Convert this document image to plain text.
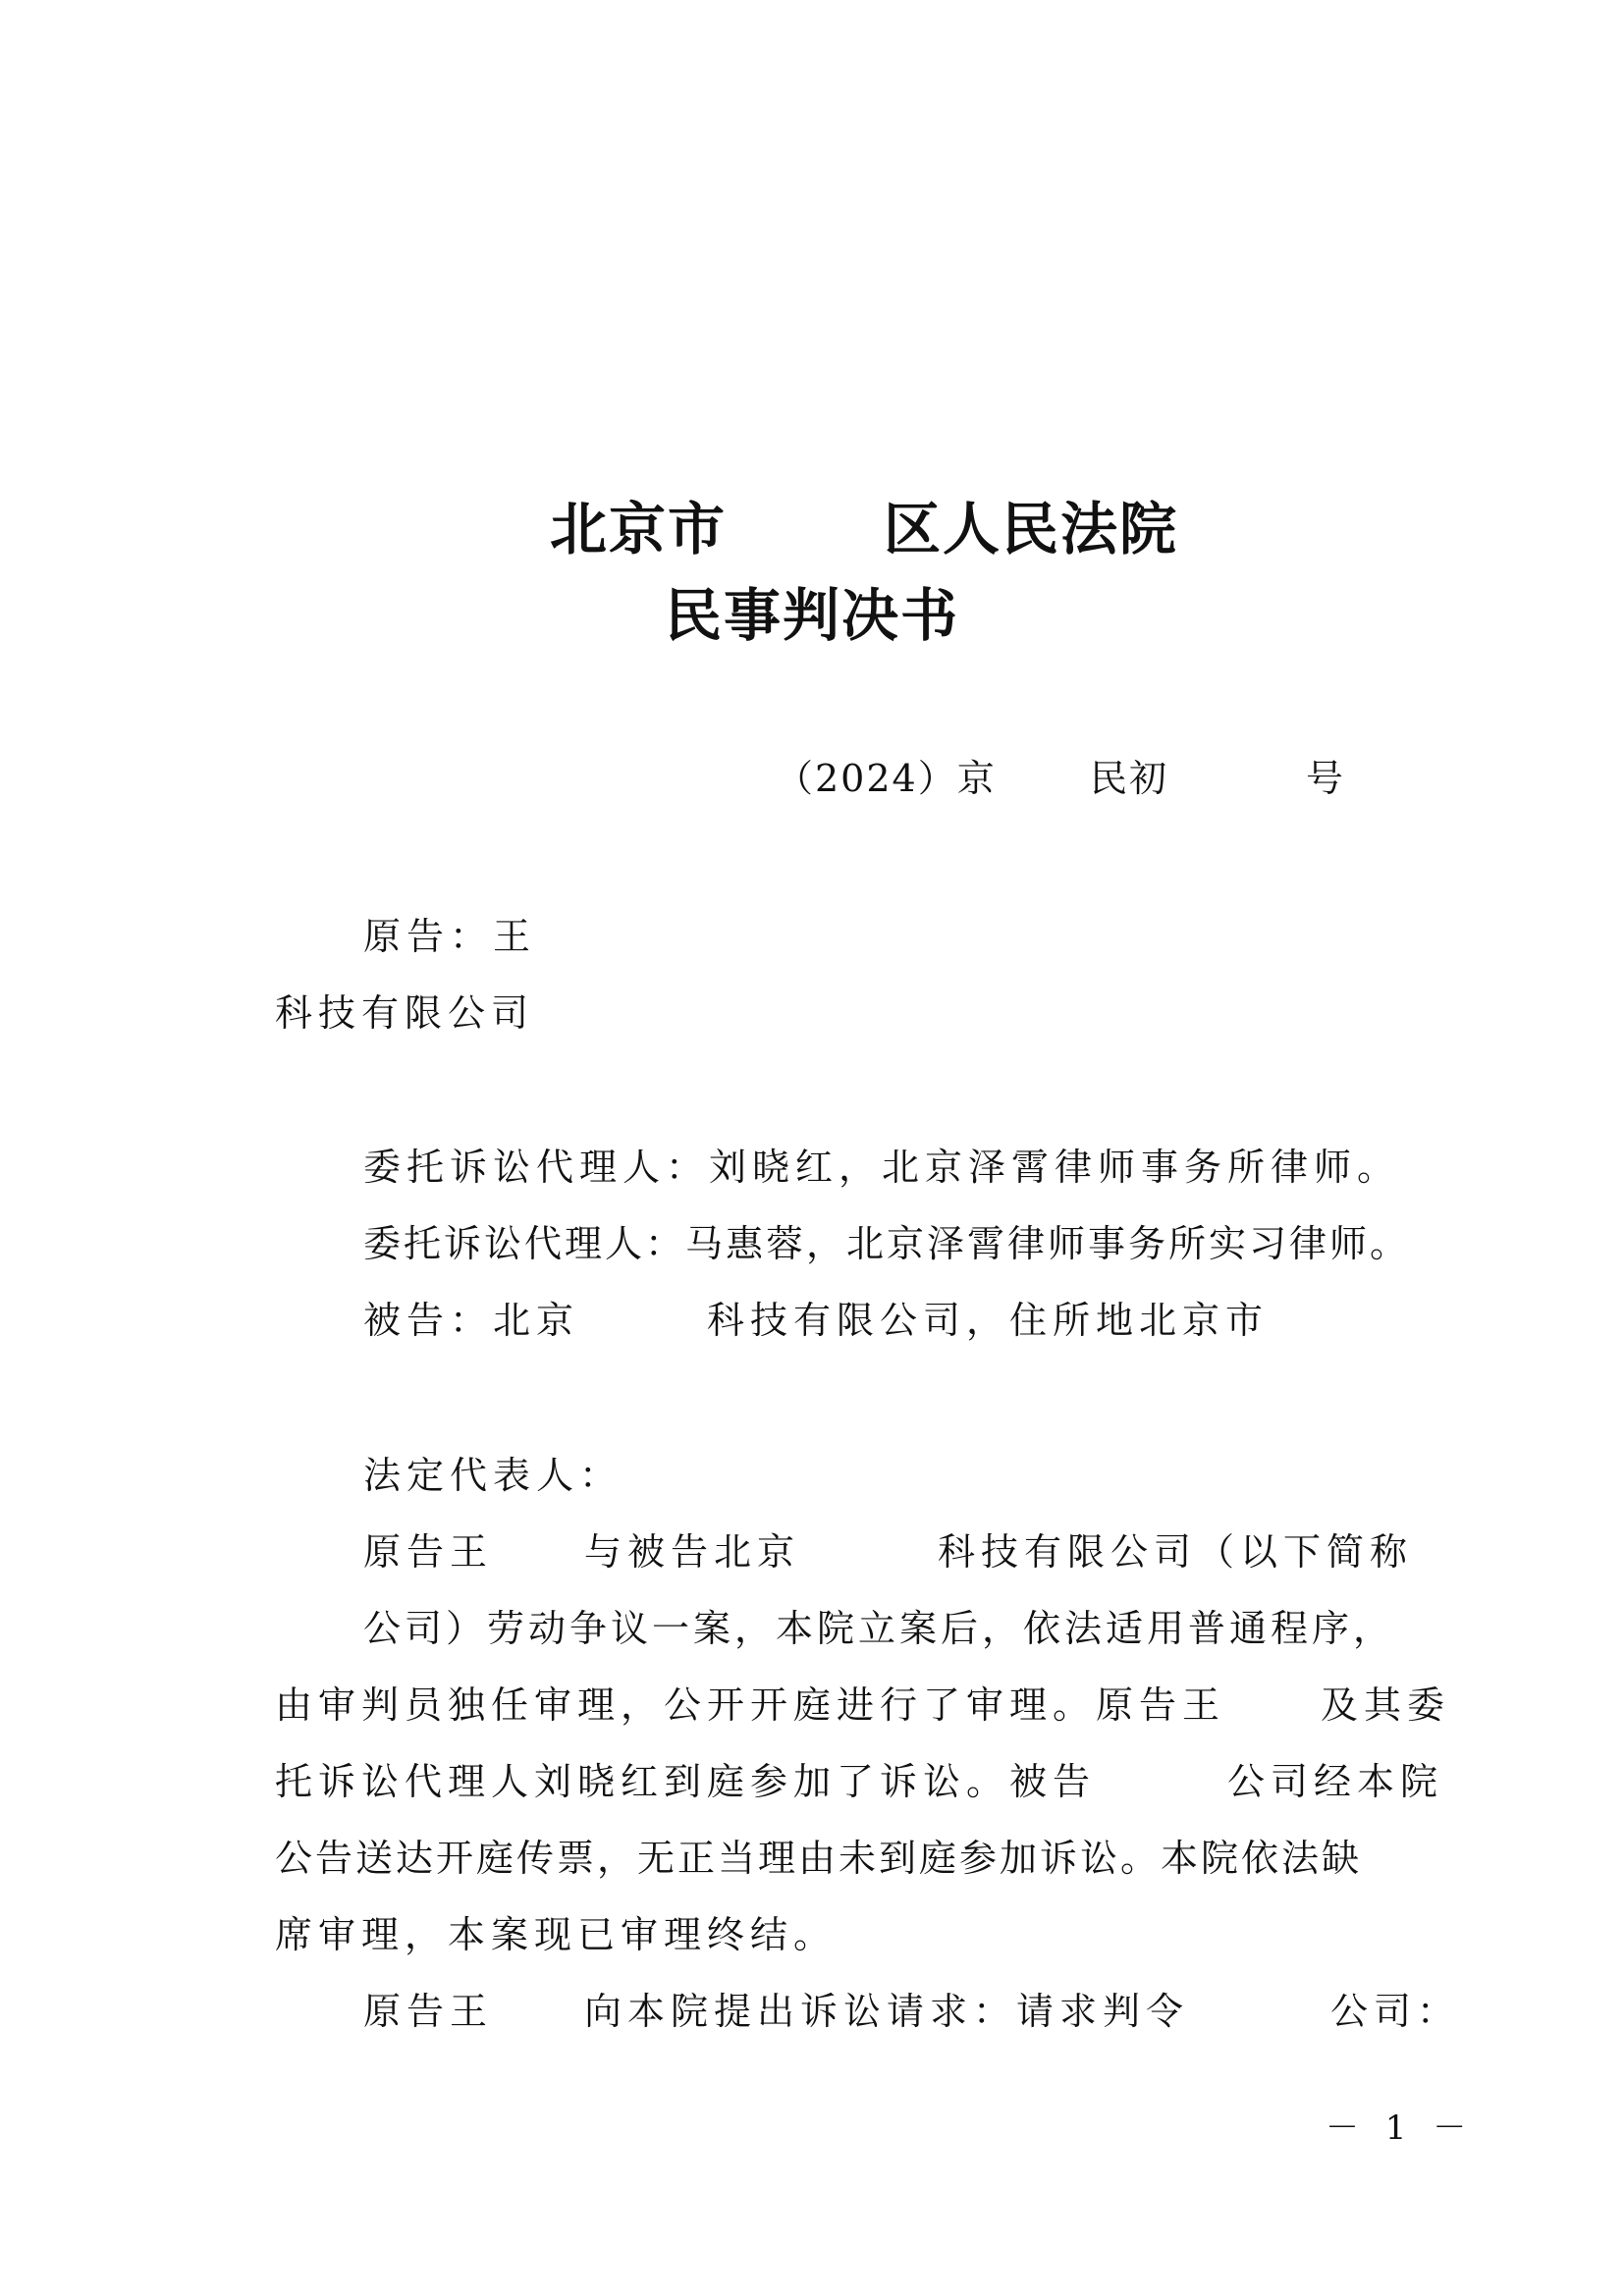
北京市	区人民法院
民事判决书
（2024）京	民初	号
原告：王
科技有限公司
委托诉讼代理人：刘晓红，北京泽霄律师事务所律师。
委托诉讼代理人：马惠蓉，北京泽霄律师事务所实习律师。
被告：北京	科技有限公司，住所地北京市
法定代表人：
原告王 与被告北京	科技有限公司（以下简称
公司）劳动争议一案，本院立案后，依法适用普通程序，
由审判员独任审理，公开开庭进行了审理。原告王	及其委
托诉讼代理人刘晓红到庭参加了诉讼。被告	公司经本院
公告送达开庭传票，无正当理由未到庭参加诉讼。本院依法缺
席审理，本案现已审理终结。
原告王 向本院提出诉讼请求：请求判令	公司：
－ 1 －
